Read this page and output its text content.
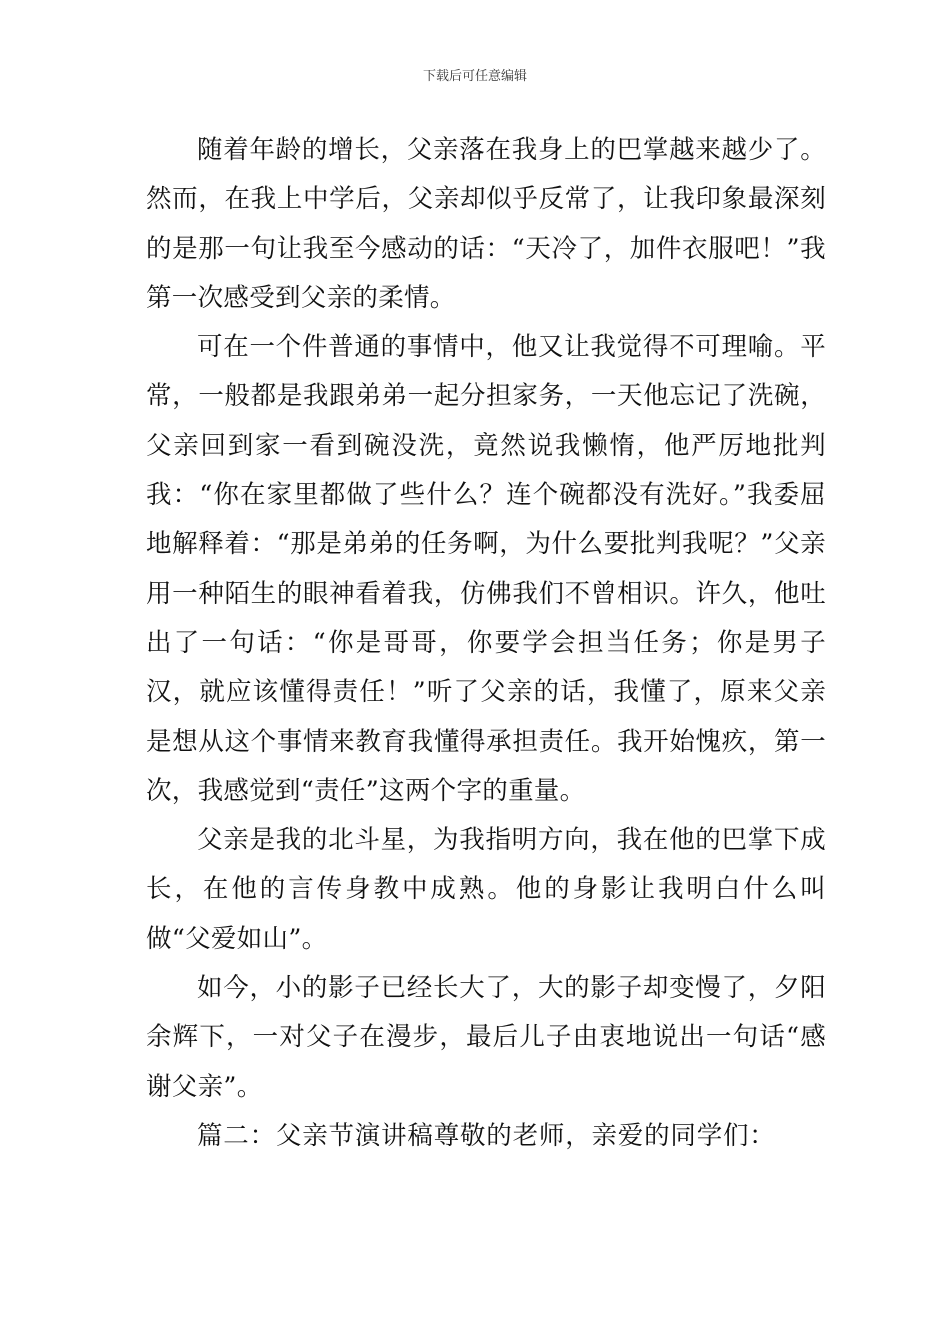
下载后可任意编辑

随着年龄的增长，父亲落在我身上的巴掌越来越少了。然而，在我上中学后，父亲却似乎反常了，让我印象最深刻的是那一句让我至今感动的话：“天冷了，加件衣服吧！”我第一次感受到父亲的柔情。

可在一个件普通的事情中，他又让我觉得不可理喻。平常，一般都是我跟弟弟一起分担家务，一天他忘记了洗碗，父亲回到家一看到碗没洗，竟然说我懒惰，他严厉地批判我：“你在家里都做了些什么？连个碗都没有洗好。”我委屈地解释着：“那是弟弟的任务啊，为什么要批判我呢？”父亲用一种陌生的眼神看着我，仿佛我们不曾相识。许久，他吐出了一句话：“你是哥哥，你要学会担当任务；你是男子汉，就应该懂得责任！”听了父亲的话，我懂了，原来父亲是想从这个事情来教育我懂得承担责任。我开始愧疚，第一次，我感觉到“责任”这两个字的重量。

父亲是我的北斗星，为我指明方向，我在他的巴掌下成长，在他的言传身教中成熟。他的身影让我明白什么叫做“父爱如山”。

如今，小的影子已经长大了，大的影子却变慢了，夕阳余辉下，一对父子在漫步，最后儿子由衷地说出一句话“感谢父亲”。

篇二：父亲节演讲稿尊敬的老师，亲爱的同学们：
